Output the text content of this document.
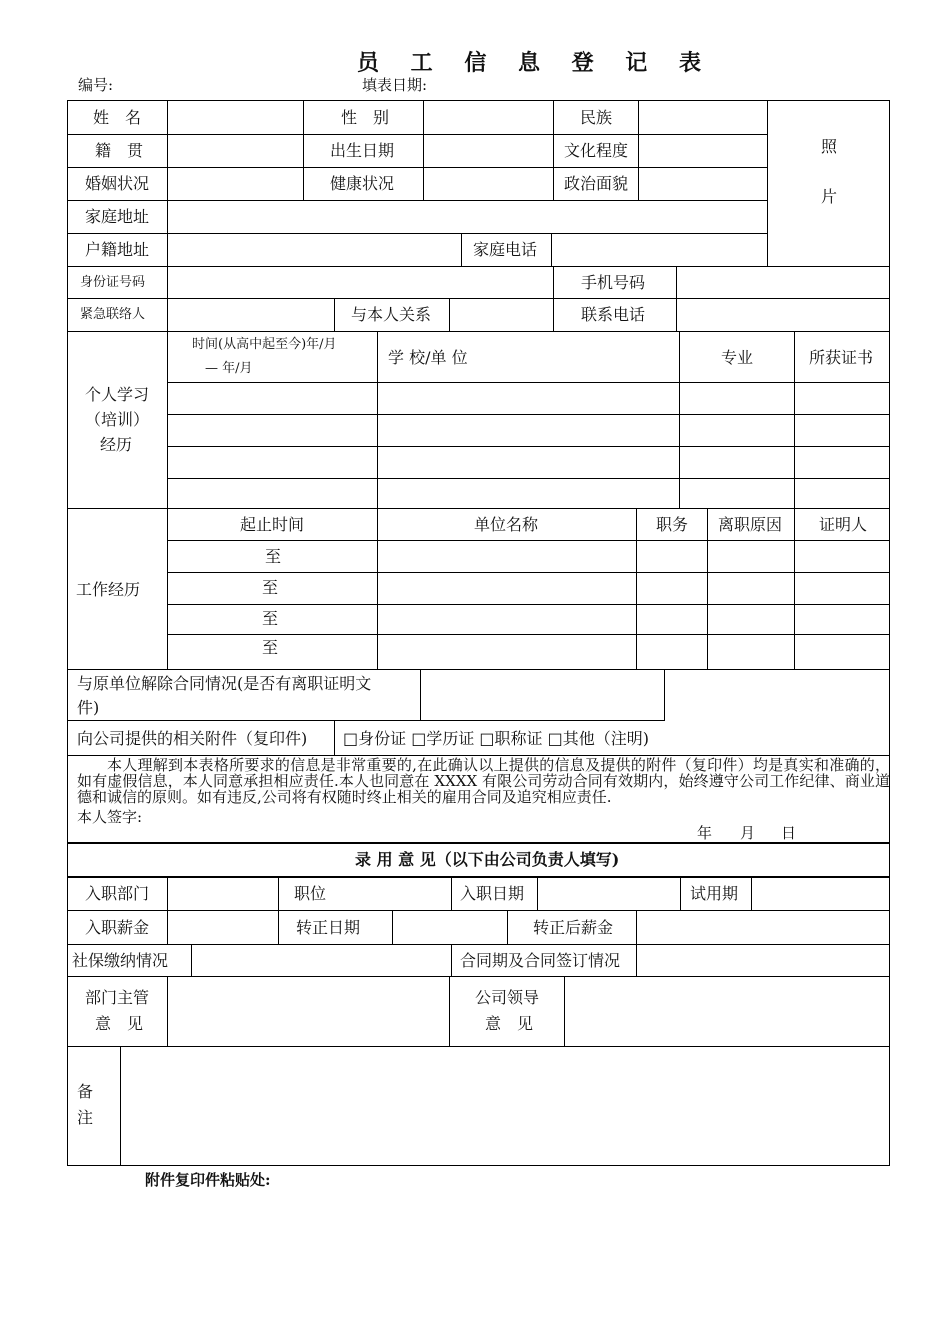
员 工 信 息 登 记 表
编号:	填表日期:
姓　名	性　别	民族
照
片
籍　贯	出生日期	文化程度
婚姻状况	健康状况	政治面貌
家庭地址
户籍地址	家庭电话
身份证号码	手机号码
紧急联络人	与本人关系	联系电话
个人学习
（培训）
经历
时间(从高中起至今)年/月
— 年/月
学 校/单 位	专业	所获证书
工作经历
起止时间	单位名称	职务 离职原因 证明人
至
至
至
至
与原单位解除合同情况(是否有离职证明文
件)
向公司提供的相关附件（复印件) □身份证 □学历证 □职称证 □其他（注明)
本人理解到本表格所要求的信息是非常重要的,在此确认以上提供的信息及提供的附件（复印件）均是真实和准确的，如有虚假信息，本人同意承担相应责任.本人也同意在 XXXX 有限公司劳动合同有效期内，始终遵守公司工作纪律、商业道德和诚信的原则。如有违反,公司将有权随时终止相关的雇用合同及追究相应责任.
本人签字:
年 月 日
录 用 意 见（以下由公司负责人填写)
入职部门	职位	入职日期	试用期
入职薪金	转正日期	转正后薪金
社保缴纳情况	合同期及合同签订情况
部门主管
意　见
公司领导
意　见
备
注
附件复印件粘贴处:
